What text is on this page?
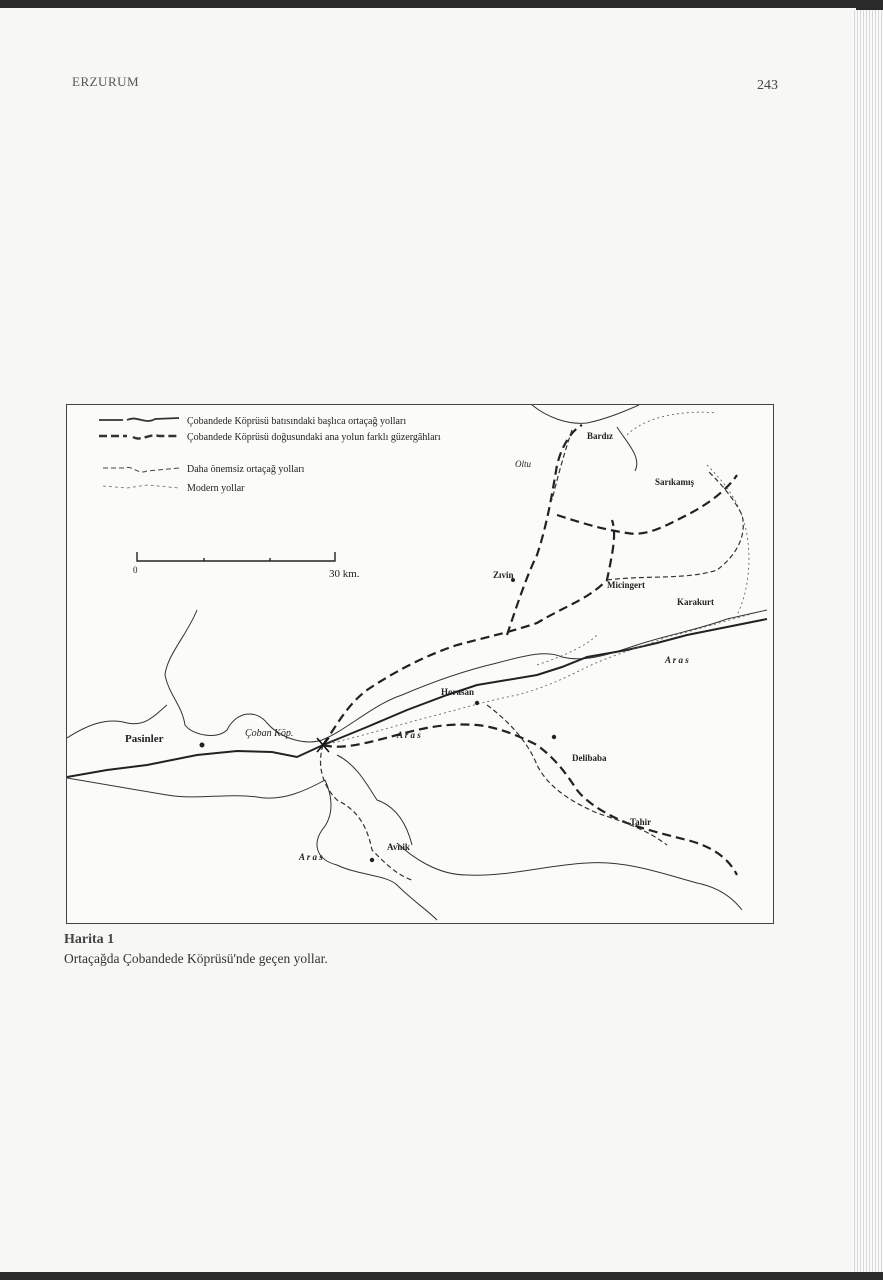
ERZURUM	243
Çobandede Köprüsü batısındaki başlıca ortaçağ yolları
Çobandede Köprüsü doğusundaki ana yolun farklı güzergâhları
Daha önemsiz ortaçağ yolları
Modern yollar
0	30 km.
Bardız
Oltu
Sarıkamış
Zıvin
Micingert
Karakurt
A r a s
Horasan
Pasinler	Çoban Köp.	A r a s
Delibaba
Tahir
Avnik
A r a s
Harita 1
Ortaçağda Çobandede Köprüsü'nde geçen yollar.
